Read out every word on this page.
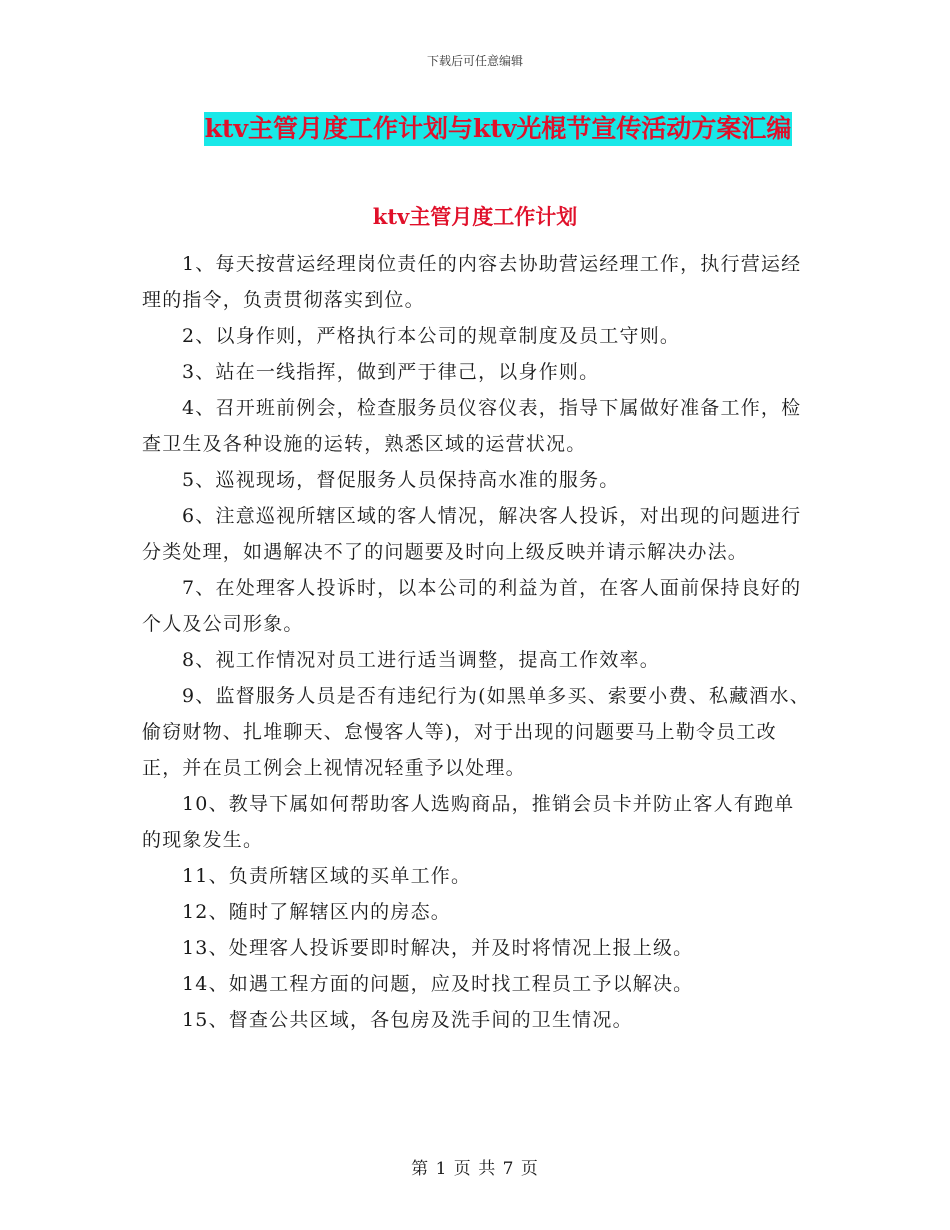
下载后可任意编辑
ktv主管月度工作计划与ktv光棍节宣传活动方案汇编
ktv主管月度工作计划

1、每天按营运经理岗位责任的内容去协助营运经理工作，执行营运经理的指令，负责贯彻落实到位。

2、以身作则，严格执行本公司的规章制度及员工守则。

3、站在一线指挥，做到严于律己，以身作则。

4、召开班前例会，检查服务员仪容仪表，指导下属做好准备工作，检查卫生及各种设施的运转，熟悉区域的运营状况。

5、巡视现场，督促服务人员保持高水准的服务。

6、注意巡视所辖区域的客人情况，解决客人投诉，对出现的问题进行分类处理，如遇解决不了的问题要及时向上级反映并请示解决办法。

7、在处理客人投诉时，以本公司的利益为首，在客人面前保持良好的个人及公司形象。

8、视工作情况对员工进行适当调整，提高工作效率。

9、监督服务人员是否有违纪行为(如黑单多买、索要小费、私藏酒水、偷窃财物、扎堆聊天、怠慢客人等)，对于出现的问题要马上勒令员工改正，并在员工例会上视情况轻重予以处理。

10、教导下属如何帮助客人选购商品，推销会员卡并防止客人有跑单的现象发生。

11、负责所辖区域的买单工作。

12、随时了解辖区内的房态。

13、处理客人投诉要即时解决，并及时将情况上报上级。

14、如遇工程方面的问题，应及时找工程员工予以解决。

15、督查公共区域，各包房及洗手间的卫生情况。

第 1 页 共 7 页
